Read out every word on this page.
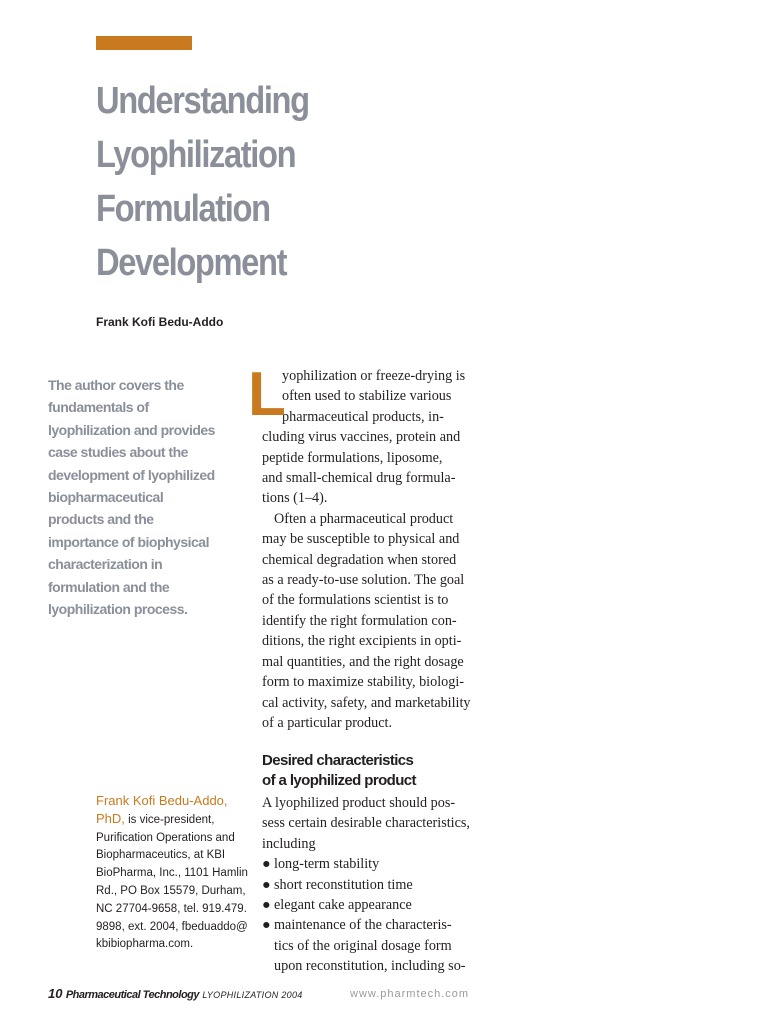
Understanding
Lyophilization
Formulation
Development
Frank Kofi Bedu-Addo
The author covers the
fundamentals of
lyophilization and provides
case studies about the
development of lyophilized
biopharmaceutical
products and the
importance of biophysical
characterization in
formulation and the
lyophilization process.
L
yophilization or freeze-drying is
often used to stabilize various
pharmaceutical products, in-
cluding virus vaccines, protein and
peptide formulations, liposome,
and small-chemical drug formula-
tions (1–4).
Often a pharmaceutical product
may be susceptible to physical and
chemical degradation when stored
as a ready-to-use solution. The goal
of the formulations scientist is to
identify the right formulation con-
ditions, the right excipients in opti-
mal quantities, and the right dosage
form to maximize stability, biologi-
cal activity, safety, and marketability
of a particular product.
Desired characteristics
of a lyophilized product
A lyophilized product should pos-
sess certain desirable characteristics,
including
● long-term stability
● short reconstitution time
● elegant cake appearance
● maintenance of the characteris-
tics of the original dosage form
upon reconstitution, including so-
Frank Kofi Bedu-Addo,
PhD, is vice-president,
Purification Operations and
Biopharmaceutics, at KBI
BioPharma, Inc., 1101 Hamlin
Rd., PO Box 15579, Durham,
NC 27704-9658, tel. 919.479.
9898, ext. 2004, fbeduaddo@
kbibiopharma.com.
10 Pharmaceutical Technology LYOPHILIZATION 2004	www.pharmtech.com
